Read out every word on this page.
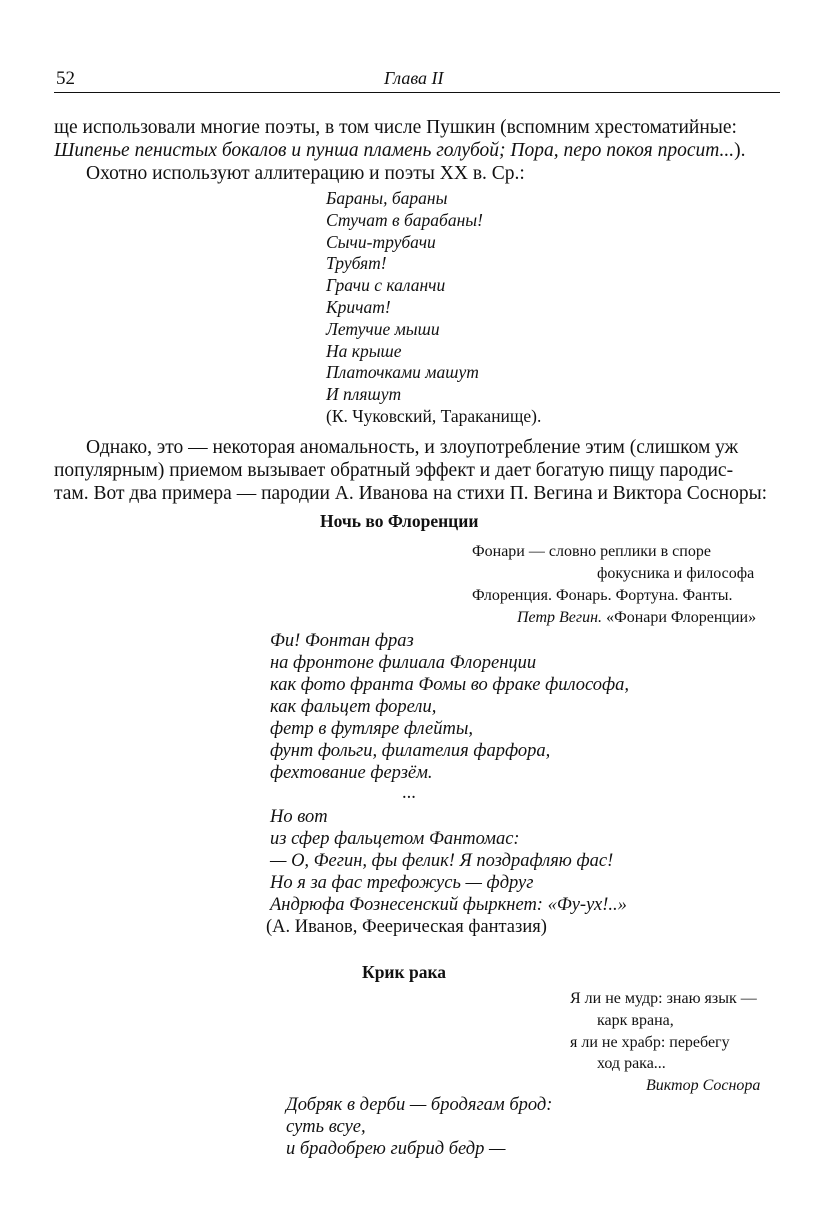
52	Глава II
ще использовали многие поэты, в том числе Пушкин (вспомним хрестоматийные:
Шипенье пенистых бокалов и пунша пламень голубой; Пора, перо покоя просит...).
Охотно используют аллитерацию и поэты XX в. Ср.:
Бараны, бараны
Стучат в барабаны!
Сычи-трубачи
Трубят!
Грачи с каланчи
Кричат!
Летучие мыши
На крыше
Платочками машут
И пляшут
(К. Чуковский, Тараканище).
Однако, это — некоторая аномальность, и злоупотребление этим (слишком уж
популярным) приемом вызывает обратный эффект и дает богатую пищу пародис-
там. Вот два примера — пародии А. Иванова на стихи П. Вегина и Виктора Сосноры:
Ночь во Флоренции
Фонари — словно реплики в споре
фокусника и философа
Флоренция. Фонарь. Фортуна. Фанты.
Петр Вегин. «Фонари Флоренции»
Фи! Фонтан фраз
на фронтоне филиала Флоренции
как фото франта Фомы во фраке философа,
как фальцет форели,
фетр в футляре флейты,
фунт фольги, филателия фарфора,
фехтование ферзём.
...
Но вот
из сфер фальцетом Фантомас:
— О, Фегин, фы фелик! Я поздрафляю фас!
Но я за фас трефожусь — фдруг
Андрюфа Фознесенский фыркнет: «Фу-ух!..»
(А. Иванов, Феерическая фантазия)
Крик рака
Я ли не мудр: знаю язык —
карк врана,
я ли не храбр: перебегу
ход рака...
Виктор Соснора
Добряк в дерби — бродягам брод:
суть всуе,
и брадобрею гибрид бедр —
